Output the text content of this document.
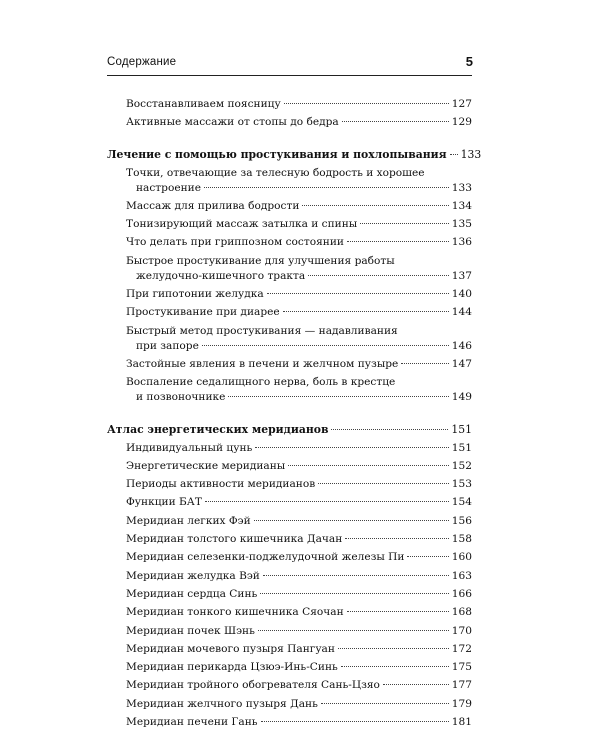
Содержание	5
Восстанавливаем поясницу	127
Активные массажи от стопы до бедра	129
Лечение с помощью простукивания и похлопывания 133
Точки, отвечающие за телесную бодрость и хорошее
настроение	133
Массаж для прилива бодрости	134
Тонизирующий массаж затылка и спины	135
Что делать при гриппозном состоянии	136
Быстрое простукивание для улучшения работы
желудочно-кишечного тракта	137
При гипотонии желудка	140
Простукивание при диарее	144
Быстрый метод простукивания — надавливания
при запоре	146
Застойные явления в печени и желчном пузыре	147
Воспаление седалищного нерва, боль в крестце
и позвоночнике	149
Атлас энергетических меридианов	151
Индивидуальный цунь	151
Энергетические меридианы	152
Периоды активности меридианов	153
Функции БАТ	154
Меридиан легких Фэй	156
Меридиан толстого кишечника Дачан	158
Меридиан селезенки-поджелудочной железы Пи	160
Меридиан желудка Вэй	163
Меридиан сердца Синь	166
Меридиан тонкого кишечника Сяочан	168
Меридиан почек Шэнь	170
Меридиан мочевого пузыря Пангуан	172
Меридиан перикарда Цзюэ-Инь-Синь	175
Меридиан тройного обогревателя Сань-Цзяо	177
Меридиан желчного пузыря Дань	179
Меридиан печени Гань	181
